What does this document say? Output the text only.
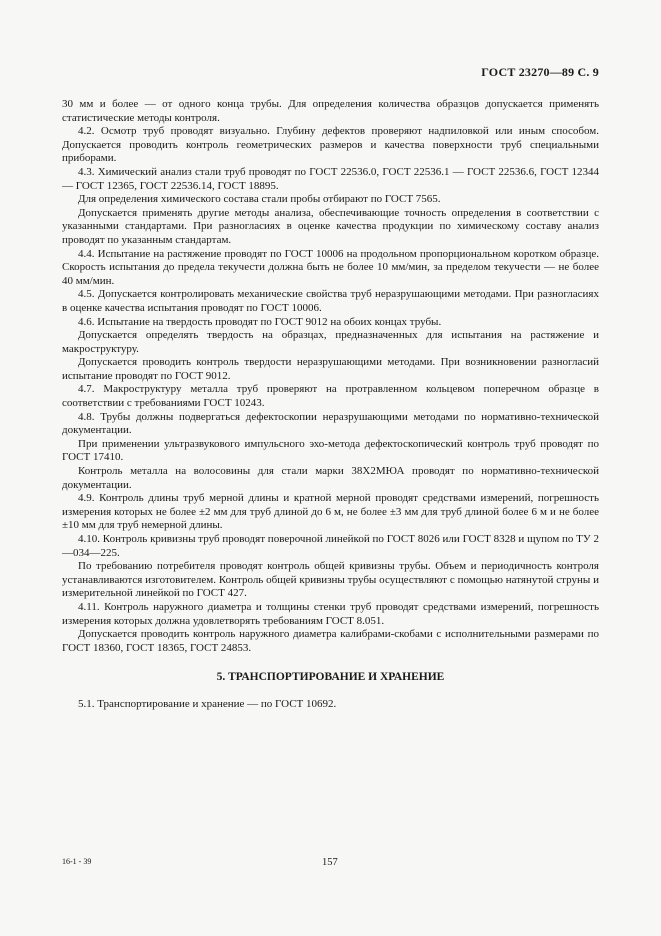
ГОСТ 23270—89 С. 9

30 мм и более — от одного конца трубы. Для определения количества образцов допускается применять статистические методы контроля.

4.2. Осмотр труб проводят визуально. Глубину дефектов проверяют надпиловкой или иным способом. Допускается проводить контроль геометрических размеров и качества поверхности труб специальными приборами.

4.3. Химический анализ стали труб проводят по ГОСТ 22536.0, ГОСТ 22536.1 — ГОСТ 22536.6, ГОСТ 12344 — ГОСТ 12365, ГОСТ 22536.14, ГОСТ 18895.

Для определения химического состава стали пробы отбирают по ГОСТ 7565.

Допускается применять другие методы анализа, обеспечивающие точность определения в соответствии с указанными стандартами. При разногласиях в оценке качества продукции по химическому составу анализ проводят по указанным стандартам.

4.4. Испытание на растяжение проводят по ГОСТ 10006 на продольном пропорциональном коротком образце. Скорость испытания до предела текучести должна быть не более 10 мм/мин, за пределом текучести — не более 40 мм/мин.

4.5. Допускается контролировать механические свойства труб неразрушающими методами. При разногласиях в оценке качества испытания проводят по ГОСТ 10006.

4.6. Испытание на твердость проводят по ГОСТ 9012 на обоих концах трубы.

Допускается определять твердость на образцах, предназначенных для испытания на растяжение и макроструктуру.

Допускается проводить контроль твердости неразрушающими методами. При возникновении разногласий испытание проводят по ГОСТ 9012.

4.7. Макроструктуру металла труб проверяют на протравленном кольцевом поперечном образце в соответствии с требованиями ГОСТ 10243.

4.8. Трубы должны подвергаться дефектоскопии неразрушающими методами по нормативно-технической документации.

При применении ультразвукового импульсного эхо-метода дефектоскопический контроль труб проводят по ГОСТ 17410.

Контроль металла на волосовины для стали марки 38Х2МЮА проводят по нормативно-технической документации.

4.9. Контроль длины труб мерной длины и кратной мерной проводят средствами измерений, погрешность измерения которых не более ±2 мм для труб длиной до 6 м, не более ±3 мм для труб длиной более 6 м и не более ±10 мм для труб немерной длины.

4.10. Контроль кривизны труб проводят поверочной линейкой по ГОСТ 8026 или ГОСТ 8328 и щупом по ТУ 2—034—225.

По требованию потребителя проводят контроль общей кривизны трубы. Объем и периодичность контроля устанавливаются изготовителем. Контроль общей кривизны трубы осуществляют с помощью натянутой струны и измерительной линейкой по ГОСТ 427.

4.11. Контроль наружного диаметра и толщины стенки труб проводят средствами измерений, погрешность измерения которых должна удовлетворять требованиям ГОСТ 8.051.

Допускается проводить контроль наружного диаметра калибрами-скобами с исполнительными размерами по ГОСТ 18360, ГОСТ 18365, ГОСТ 24853.

5. ТРАНСПОРТИРОВАНИЕ И ХРАНЕНИЕ

5.1. Транспортирование и хранение — по ГОСТ 10692.

16-1 - 39	157
